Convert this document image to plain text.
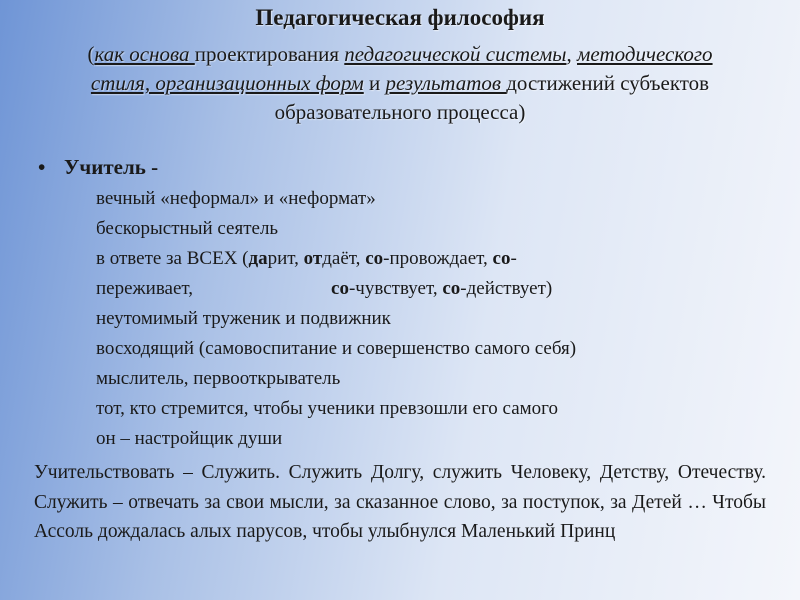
Педагогическая философия
(как основа проектирования педагогической системы, методического стиля, организационных форм и результатов достижений субъектов образовательного процесса)
• Учитель -
вечный «неформал» и «неформат»
бескорыстный сеятель
в ответе за ВСЕХ (дарит, отдаёт, со-провождает, со-
переживает,	со-чувствует, со-действует)
неутомимый труженик и подвижник
восходящий (самовоспитание и совершенство самого себя)
мыслитель, первооткрыватель
тот, кто стремится, чтобы ученики превзошли его самого
он – настройщик души
Учительствовать – Служить. Служить Долгу, служить Человеку, Детству, Отечеству. Служить – отвечать за свои мысли, за сказанное слово, за поступок, за Детей … Чтобы Ассоль дождалась алых парусов, чтобы улыбнулся Маленький Принц
